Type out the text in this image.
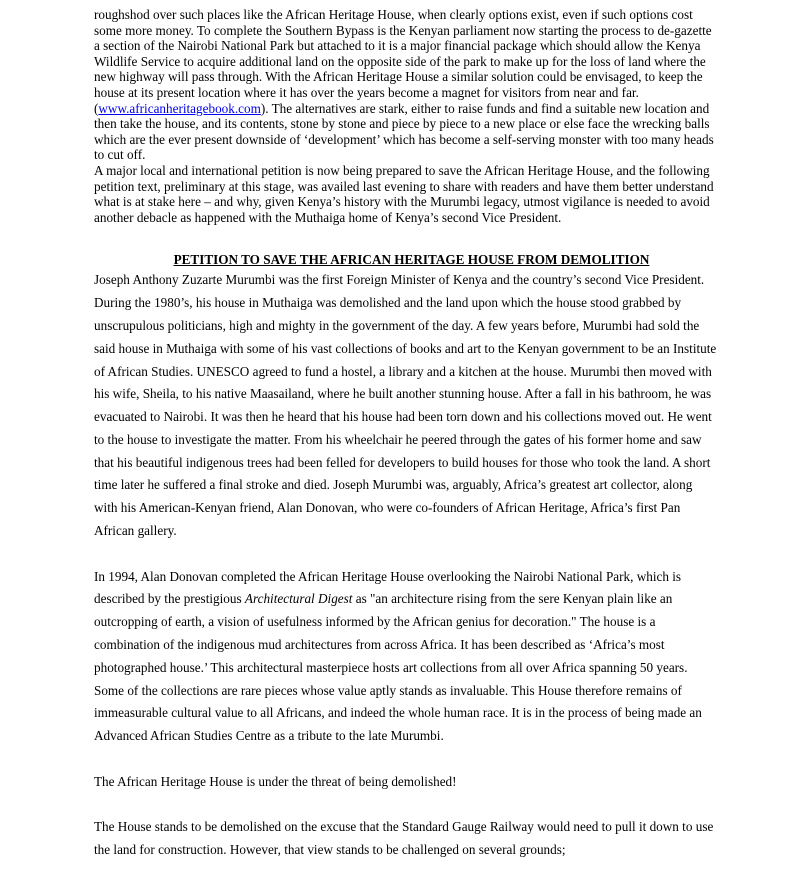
roughshod over such places like the African Heritage House, when clearly options exist, even if such options cost some more money. To complete the Southern Bypass is the Kenyan parliament now starting the process to de-gazette a section of the Nairobi National Park but attached to it is a major financial package which should allow the Kenya Wildlife Service to acquire additional land on the opposite side of the park to make up for the loss of land where the new highway will pass through. With the African Heritage House a similar solution could be envisaged, to keep the house at its present location where it has over the years become a magnet for visitors from near and far. (www.africanheritagebook.com). The alternatives are stark, either to raise funds and find a suitable new location and then take the house, and its contents, stone by stone and piece by piece to a new place or else face the wrecking balls which are the ever present downside of ‘development’ which has become a self-serving monster with too many heads to cut off.

A major local and international petition is now being prepared to save the African Heritage House, and the following petition text, preliminary at this stage, was availed last evening to share with readers and have them better understand what is at stake here – and why, given Kenya’s history with the Murumbi legacy, utmost vigilance is needed to avoid another debacle as happened with the Muthaiga home of Kenya’s second Vice President.

PETITION TO SAVE THE AFRICAN HERITAGE HOUSE FROM DEMOLITION

Joseph Anthony Zuzarte Murumbi was the first Foreign Minister of Kenya and the country’s second Vice President. During the 1980’s, his house in Muthaiga was demolished and the land upon which the house stood grabbed by unscrupulous politicians, high and mighty in the government of the day. A few years before, Murumbi had sold the said house in Muthaiga with some of his vast collections of books and art to the Kenyan government to be an Institute of African Studies. UNESCO agreed to fund a hostel, a library and a kitchen at the house. Murumbi then moved with his wife, Sheila, to his native Maasailand, where he built another stunning house. After a fall in his bathroom, he was evacuated to Nairobi. It was then he heard that his house had been torn down and his collections moved out. He went to the house to investigate the matter. From his wheelchair he peered through the gates of his former home and saw that his beautiful indigenous trees had been felled for developers to build houses for those who took the land. A short time later he suffered a final stroke and died. Joseph Murumbi was, arguably, Africa’s greatest art collector, along with his American-Kenyan friend, Alan Donovan, who were co-founders of African Heritage, Africa’s first Pan African gallery.

In 1994, Alan Donovan completed the African Heritage House overlooking the Nairobi National Park, which is described by the prestigious Architectural Digest as "an architecture rising from the sere Kenyan plain like an outcropping of earth, a vision of usefulness informed by the African genius for decoration." The house is a combination of the indigenous mud architectures from across Africa. It has been described as ‘Africa’s most photographed house.’ This architectural masterpiece hosts art collections from all over Africa spanning 50 years. Some of the collections are rare pieces whose value aptly stands as invaluable. This House therefore remains of immeasurable cultural value to all Africans, and indeed the whole human race. It is in the process of being made an Advanced African Studies Centre as a tribute to the late Murumbi.

The African Heritage House is under the threat of being demolished!

The House stands to be demolished on the excuse that the Standard Gauge Railway would need to pull it down to use the land for construction. However, that view stands to be challenged on several grounds;
